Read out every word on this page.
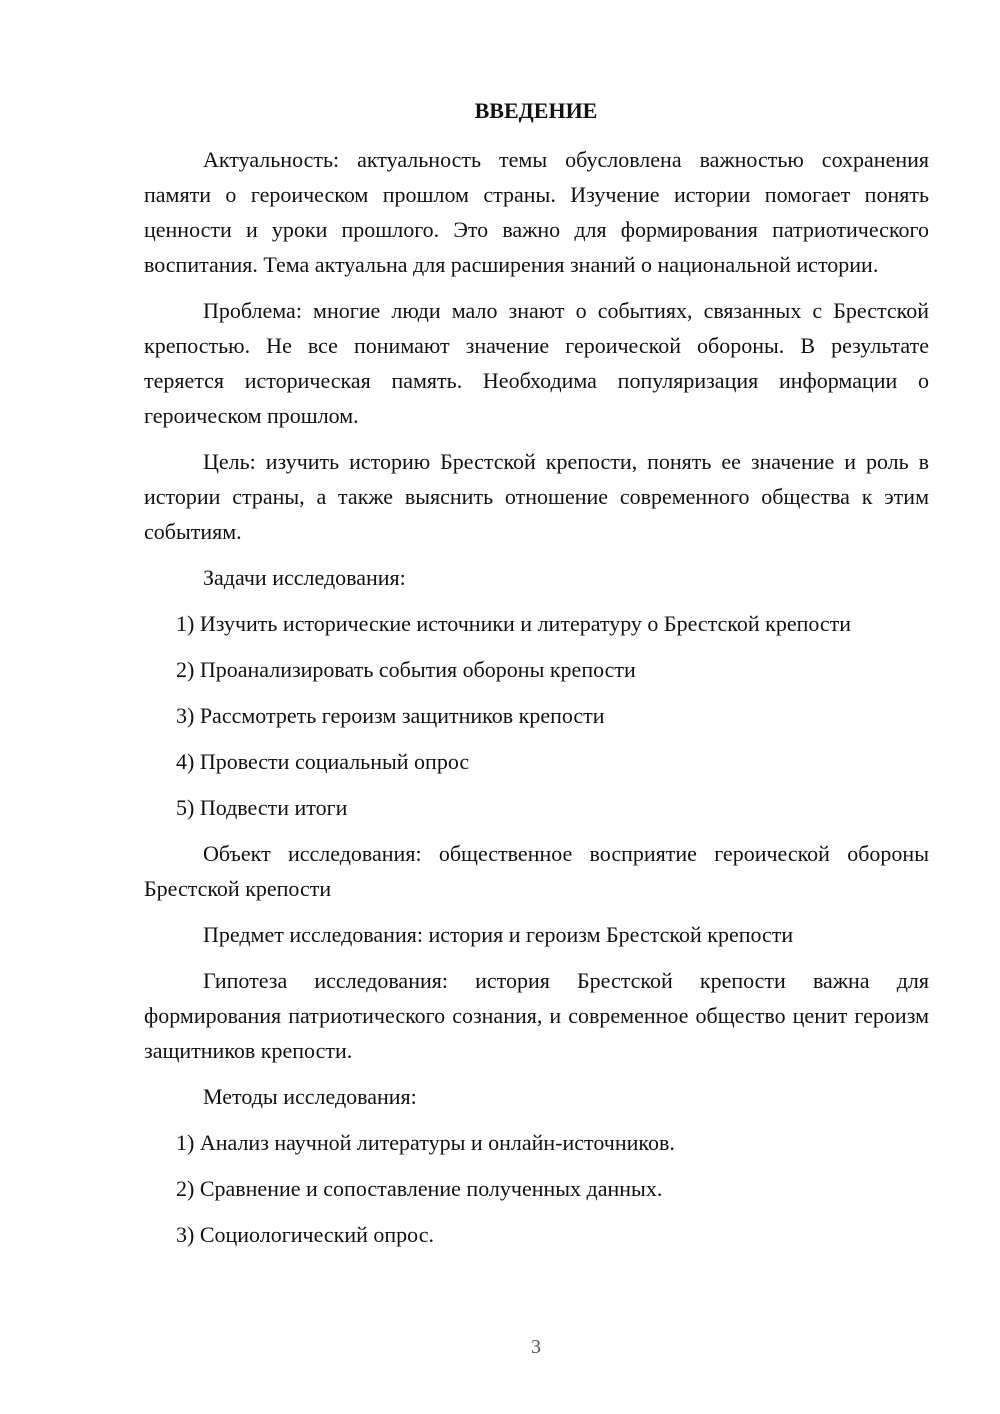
ВВЕДЕНИЕ

Актуальность: актуальность темы обусловлена важностью сохранения памяти о героическом прошлом страны. Изучение истории помогает понять ценности и уроки прошлого. Это важно для формирования патриотического воспитания. Тема актуальна для расширения знаний о национальной истории.

Проблема: многие люди мало знают о событиях, связанных с Брестской крепостью. Не все понимают значение героической обороны. В результате теряется историческая память. Необходима популяризация информации о героическом прошлом.

Цель: изучить историю Брестской крепости, понять ее значение и роль в истории страны, а также выяснить отношение современного общества к этим событиям.

Задачи исследования:

1) Изучить исторические источники и литературу о Брестской крепости

2) Проанализировать события обороны крепости

3) Рассмотреть героизм защитников крепости

4) Провести социальный опрос

5) Подвести итоги

Объект исследования: общественное восприятие героической обороны Брестской крепости

Предмет исследования: история и героизм Брестской крепости

Гипотеза исследования: история Брестской крепости важна для формирования патриотического сознания, и современное общество ценит героизм защитников крепости.

Методы исследования:

1) Анализ научной литературы и онлайн-источников.

2) Сравнение и сопоставление полученных данных.

3) Социологический опрос.

3
